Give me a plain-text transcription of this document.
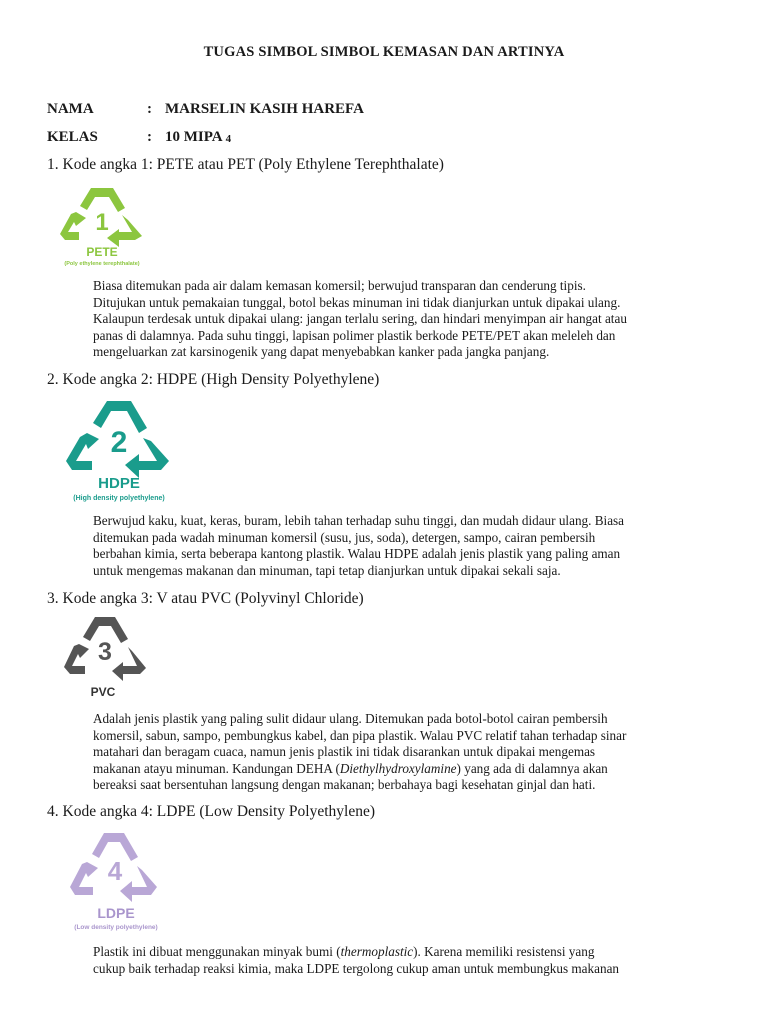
TUGAS SIMBOL SIMBOL KEMASAN DAN ARTINYA
NAMA	: MARSELIN KASIH HAREFA
KELAS	: 10 MIPA $_4$
1. Kode angka 1: PETE atau PET (Poly Ethylene Terephthalate)
1
PETE
(Poly ethylene terephthalate)
Biasa ditemukan pada air dalam kemasan komersil; berwujud transparan dan cenderung tipis.
Ditujukan untuk pemakaian tunggal, botol bekas minuman ini tidak dianjurkan untuk dipakai ulang.
Kalaupun terdesak untuk dipakai ulang: jangan terlalu sering, dan hindari menyimpan air hangat atau
panas di dalamnya. Pada suhu tinggi, lapisan polimer plastik berkode PETE/PET akan meleleh dan
mengeluarkan zat karsinogenik yang dapat menyebabkan kanker pada jangka panjang.
2. Kode angka 2: HDPE (High Density Polyethylene)
2
HDPE
(High density polyethylene)
Berwujud kaku, kuat, keras, buram, lebih tahan terhadap suhu tinggi, dan mudah didaur ulang. Biasa
ditemukan pada wadah minuman komersil (susu, jus, soda), detergen, sampo, cairan pembersih
berbahan kimia, serta beberapa kantong plastik. Walau HDPE adalah jenis plastik yang paling aman
untuk mengemas makanan dan minuman, tapi tetap dianjurkan untuk dipakai sekali saja.
3. Kode angka 3: V atau PVC (Polyvinyl Chloride)
3
PVC
Adalah jenis plastik yang paling sulit didaur ulang. Ditemukan pada botol-botol cairan pembersih
komersil, sabun, sampo, pembungkus kabel, dan pipa plastik. Walau PVC relatif tahan terhadap sinar
matahari dan beragam cuaca, namun jenis plastik ini tidak disarankan untuk dipakai mengemas
makanan atayu minuman. Kandungan DEHA (Diethylhydroxylamine) yang ada di dalamnya akan
bereaksi saat bersentuhan langsung dengan makanan; berbahaya bagi kesehatan ginjal dan hati.
4. Kode angka 4: LDPE (Low Density Polyethylene)
4
LDPE
(Low density polyethylene)
Plastik ini dibuat menggunakan minyak bumi (thermoplastic). Karena memiliki resistensi yang
cukup baik terhadap reaksi kimia, maka LDPE tergolong cukup aman untuk membungkus makanan
